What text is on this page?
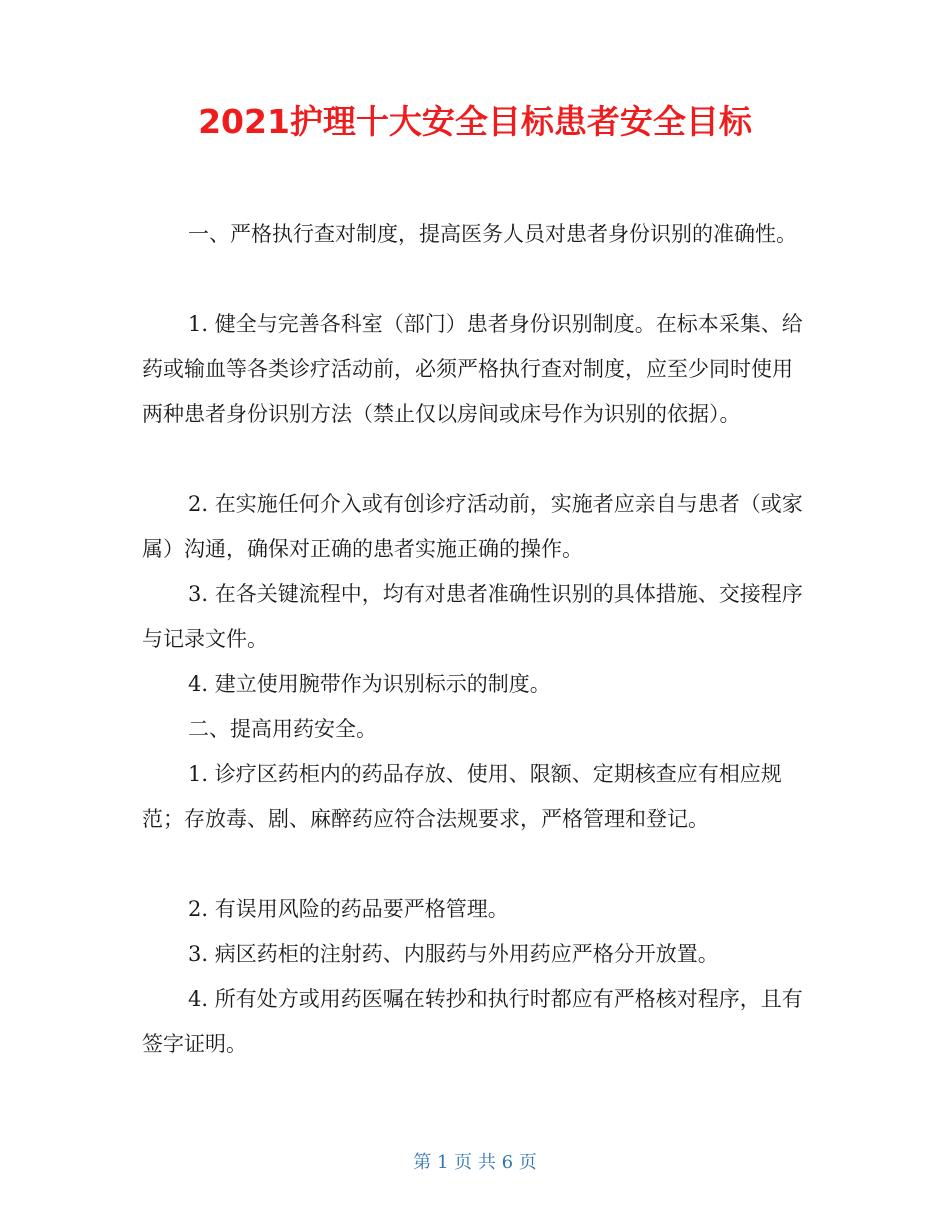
2021护理十大安全目标患者安全目标

一、严格执行查对制度，提高医务人员对患者身份识别的准确性。

1. 健全与完善各科室（部门）患者身份识别制度。在标本采集、给药或输血等各类诊疗活动前，必须严格执行查对制度，应至少同时使用两种患者身份识别方法（禁止仅以房间或床号作为识别的依据）。

2. 在实施任何介入或有创诊疗活动前，实施者应亲自与患者（或家属）沟通，确保对正确的患者实施正确的操作。

3. 在各关键流程中，均有对患者准确性识别的具体措施、交接程序与记录文件。

4. 建立使用腕带作为识别标示的制度。

二、提高用药安全。

1. 诊疗区药柜内的药品存放、使用、限额、定期核查应有相应规范；存放毒、剧、麻醉药应符合法规要求，严格管理和登记。

2. 有误用风险的药品要严格管理。

3. 病区药柜的注射药、内服药与外用药应严格分开放置。

4. 所有处方或用药医嘱在转抄和执行时都应有严格核对程序，且有签字证明。

第 1 页 共 6 页
